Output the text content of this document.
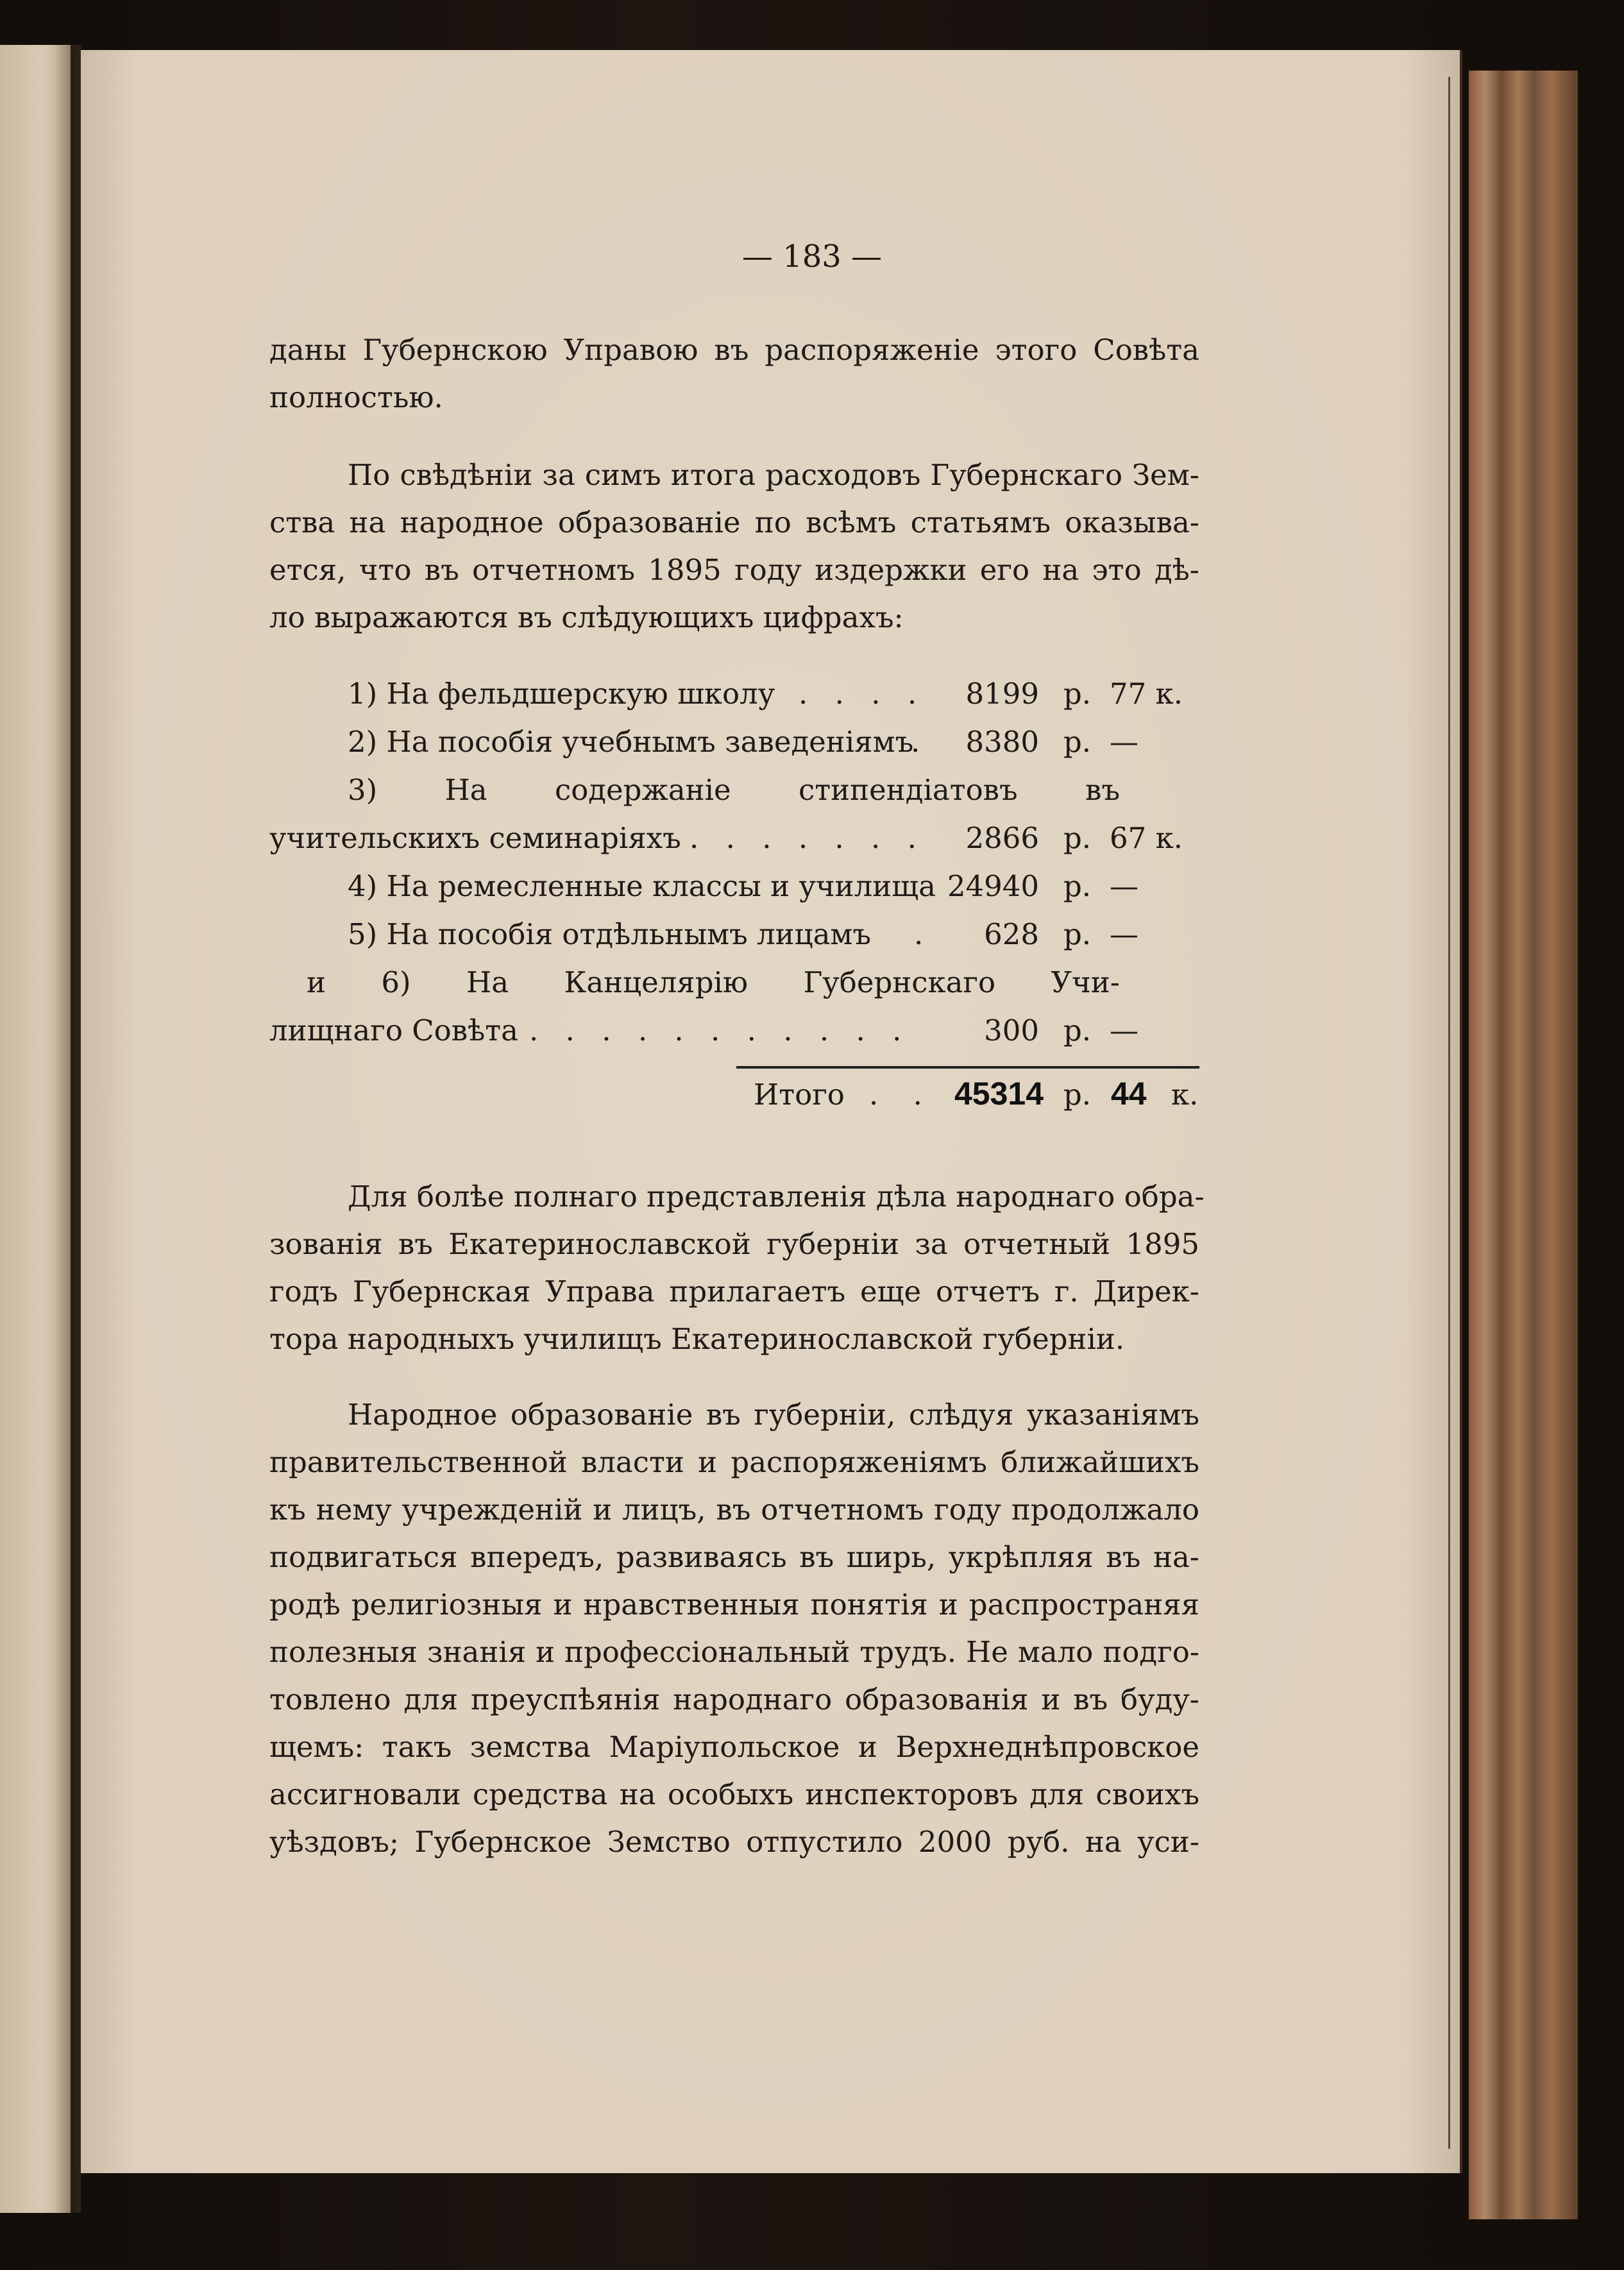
— 183 —
даны Губернскою Управою въ распоряженіе этого Совѣта
полностью.
По свѣдѣніи за симъ итога расходовъ Губернскаго Зем-
ства на народное образованіе по всѣмъ статьямъ оказыва-
ется, что въ отчетномъ 1895 году издержки его на это дѣ-
ло выражаются въ слѣдующихъ цифрахъ:
Для болѣе полнаго представленія дѣла народнаго обра-
зованія въ Екатеринославской губерніи за отчетный 1895
годъ Губернская Управа прилагаетъ еще отчетъ г. Дирек-
тора народныхъ училищъ Екатеринославской губерніи.
Народное образованіе въ губерніи, слѣдуя указаніямъ
правительственной власти и распоряженіямъ ближайшихъ
къ нему учрежденій и лицъ, въ отчетномъ году продолжало
подвигаться впередъ, развиваясь въ ширь, укрѣпляя въ на-
родѣ религіозныя и нравственныя понятія и распространяя
полезныя знанія и профессіональный трудъ. Не мало подго-
товлено для преуспѣянія народнаго образованія и въ буду-
щемъ: такъ земства Маріупольское и Верхнеднѣпровское
ассигновали средства на особыхъ инспекторовъ для своихъ
уѣздовъ; Губернское Земство отпустило 2000 руб. на уси-
1) На фельдшерскую школу . . . . 8199 р. 77 к.
2) На пособія учебнымъ заведеніямъ
. 8380 р. —
3) На содержаніе стипендіатовъ въ
учительскихъ семинаріяхъ . . . . . . . 2866 р. 67 к.
4) На ремесленные классы и училища 24940 р. —
5) На пособія отдѣльнымъ лицамъ . 628 р. —
и 6) На Канцелярію Губернскаго Учи-
лищнаго Совѣта . . . . . . . . . . .	300 р. —
Итого . . 45314 р. 44 к.
